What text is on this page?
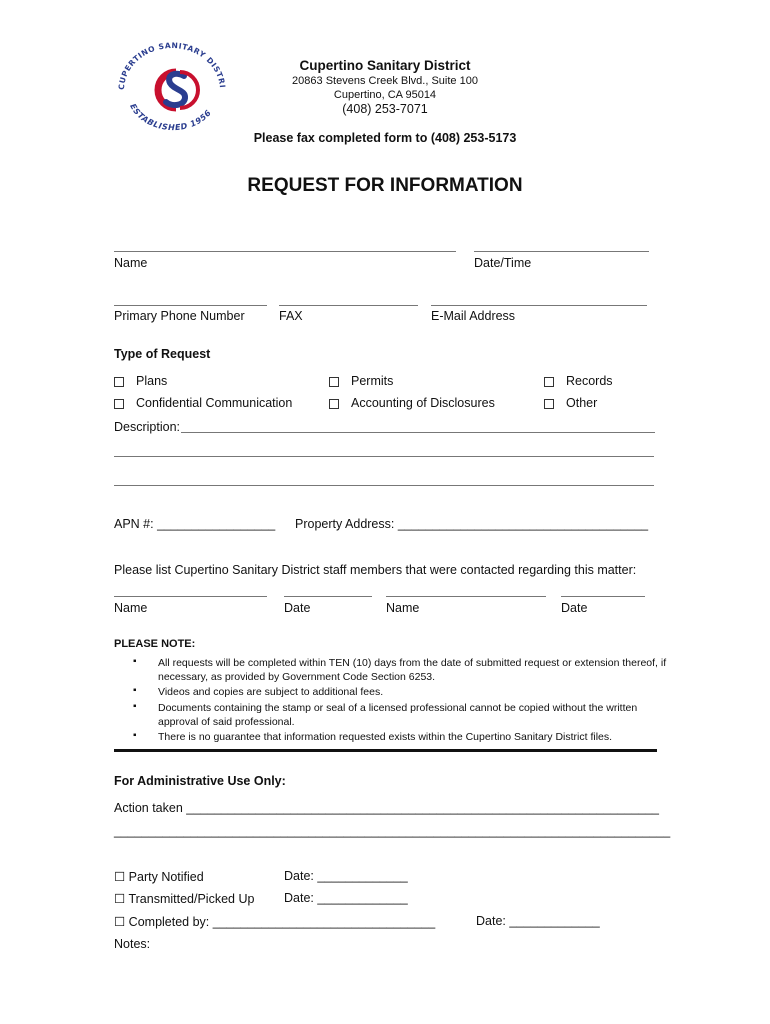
CUPERTINO SANITARY DISTRI
ESTABLISHED 1956
Cupertino Sanitary District
20863 Stevens Creek Blvd., Suite 100
Cupertino, CA 95014
(408) 253-7071
Please fax completed form to (408) 253-5173
REQUEST FOR INFORMATION
Name	Date/Time
Primary Phone Number	FAX	E-Mail Address
Type of Request
Plans	Permits	Records
Confidential Communication	Accounting of Disclosures	Other
Description:
APN #: _________________ Property Address: ____________________________________
Please list Cupertino Sanitary District staff members that were contacted regarding this matter:
Name	Date	Name	Date
PLEASE NOTE:
▪ All requests will be completed within TEN (10) days from the date of submitted request or extension thereof, if necessary, as provided by Government Code Section 6253.
▪ Videos and copies are subject to additional fees.
▪ Documents containing the stamp or seal of a licensed professional cannot be copied without the written approval of said professional.
▪ There is no guarantee that information requested exists within the Cupertino Sanitary District files.
For Administrative Use Only:
Action taken ____________________________________________________________________
________________________________________________________________________________
☐ Party Notified	Date: _____________
☐ Transmitted/Picked Up Date: _____________
☐ Completed by: ________________________________	Date: _____________
Notes:
